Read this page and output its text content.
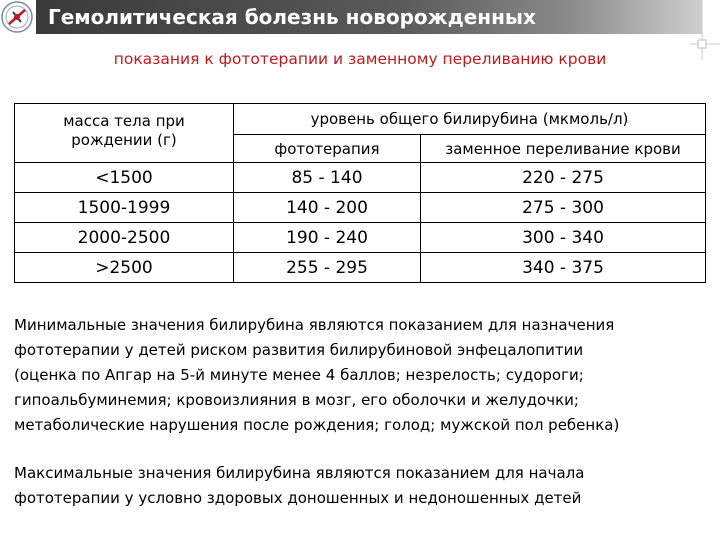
Гемолитическая болезнь новорожденных
показания к фототерапии и заменному переливанию крови
масса тела при
рождении (г)	уровень общего билирубина (мкмоль/л)	
	фототерапия	заменное переливание крови
<1500	85 - 140	220 - 275
1500-1999	140 - 200	275 - 300
2000-2500	190 - 240	300 - 340
>2500	255 - 295	340 - 375
Минимальные значения билирубина являются показанием для назначения
фототерапии у детей риском развития билирубиновой энфецалопитии
(оценка по Апгар на 5-й минуте менее 4 баллов; незрелость; судороги;
гипоальбуминемия; кровоизлияния в мозг, его оболочки и желудочки;
метаболические нарушения после рождения; голод; мужской пол ребенка)
Максимальные значения билирубина являются показанием для начала
фототерапии у условно здоровых доношенных и недоношенных детей
